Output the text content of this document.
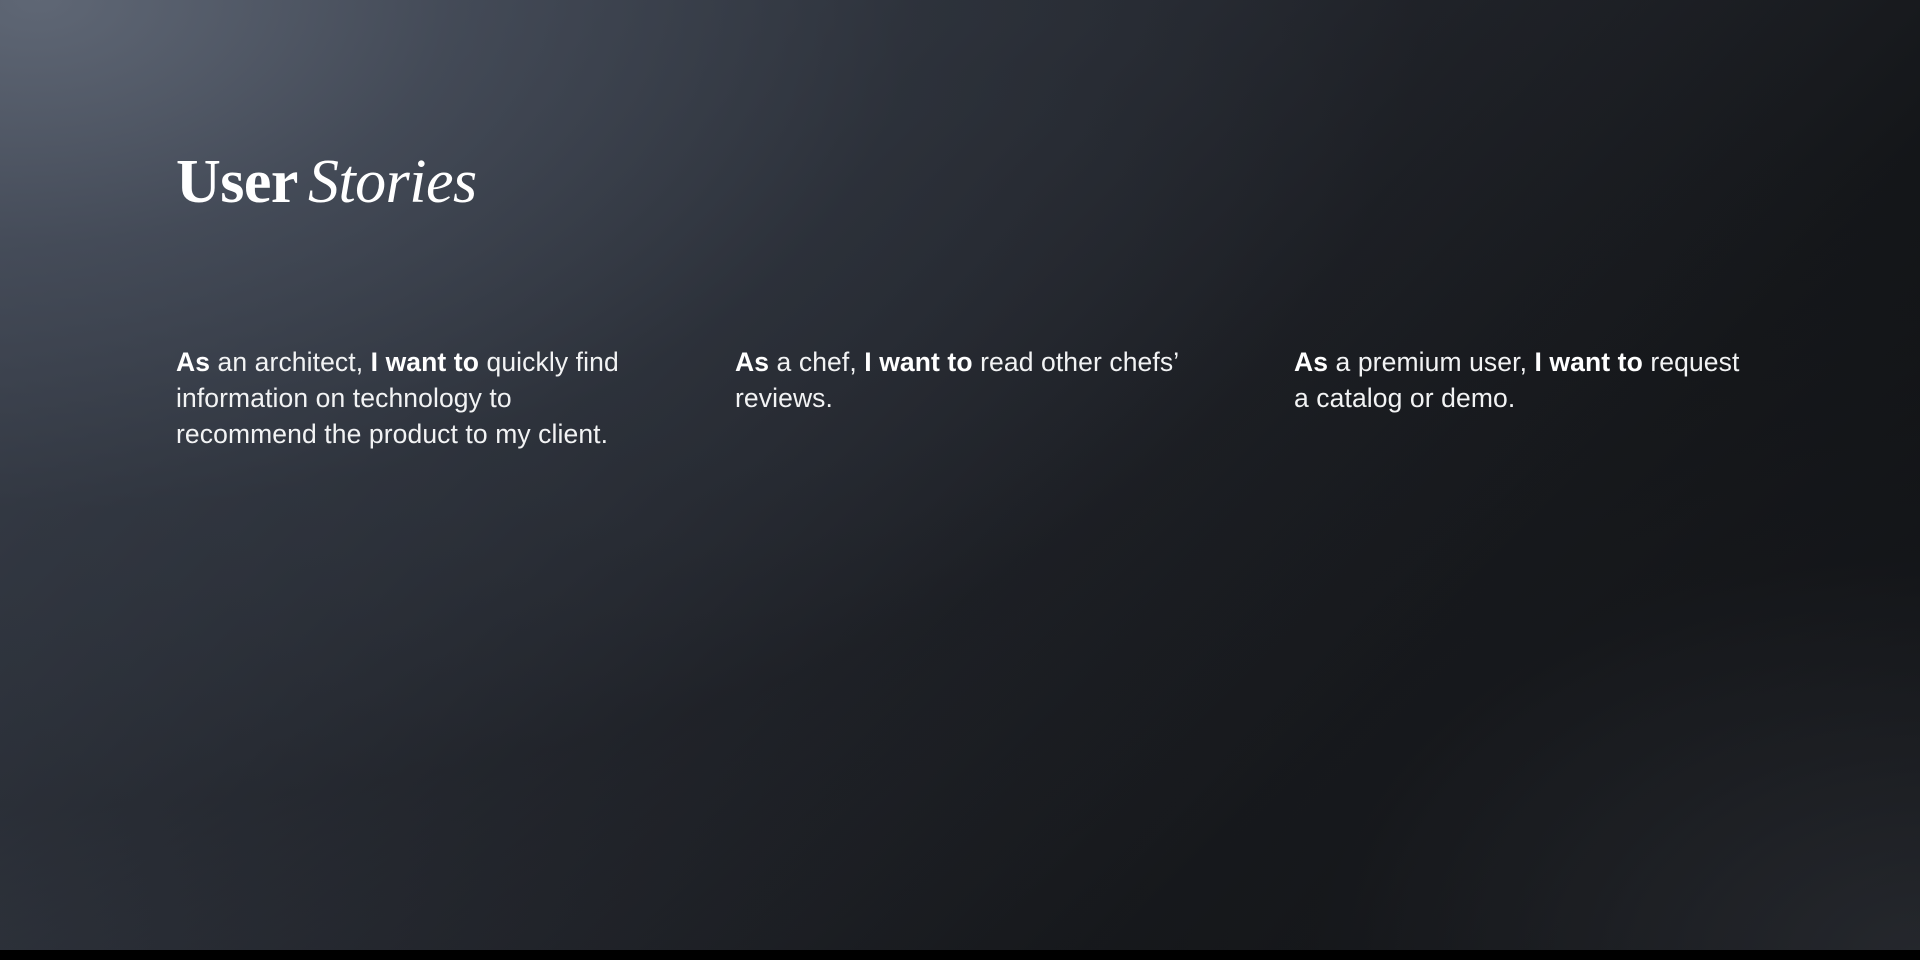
User Stories
As an architect, I want to quickly find information on technology to recommend the product to my client.
As a chef, I want to read other chefs’ reviews.
As a premium user, I want to request a catalog or demo.
